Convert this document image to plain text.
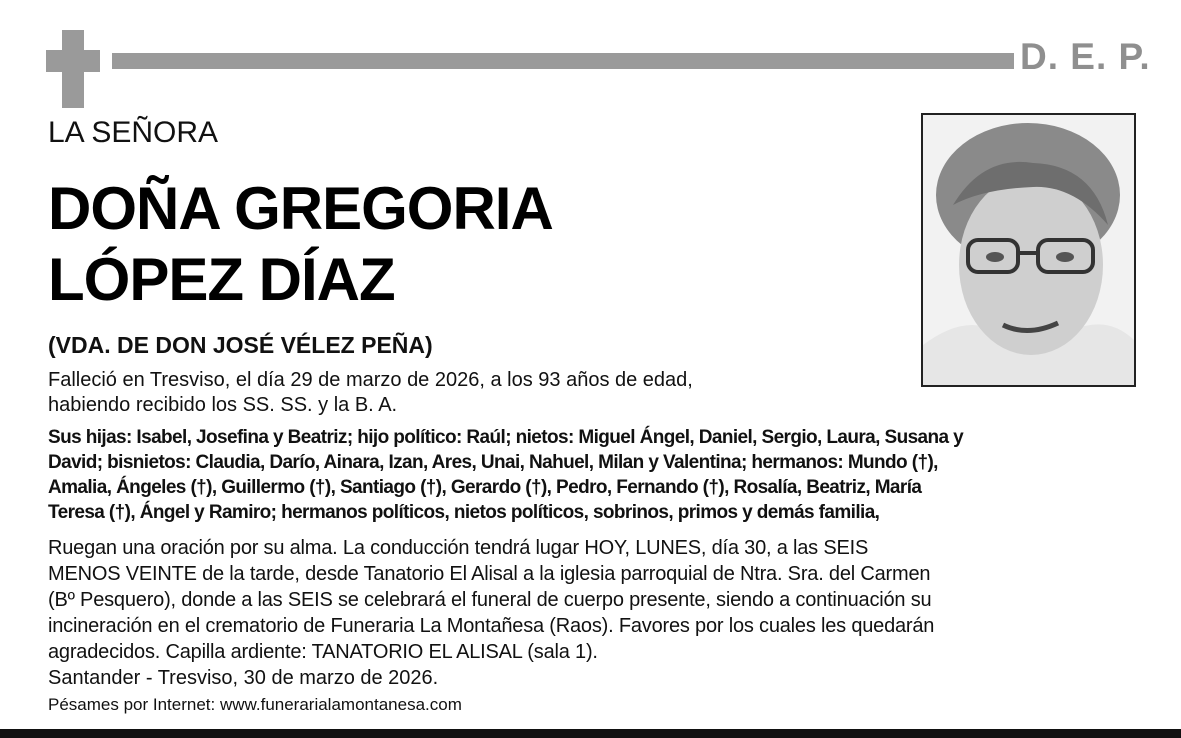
D. E. P.
LA SEÑORA
DOÑA GREGORIA
LÓPEZ DÍAZ
(VDA. DE DON JOSÉ VÉLEZ PEÑA)
Falleció en Tresviso, el día 29 de marzo de 2026, a los 93 años de edad,
habiendo recibido los SS. SS. y la B. A.
Sus hijas: Isabel, Josefina y Beatriz; hijo político: Raúl; nietos: Miguel Ángel, Daniel, Sergio, Laura, Susana y
David; bisnietos: Claudia, Darío, Ainara, Izan, Ares, Unai, Nahuel, Milan y Valentina; hermanos: Mundo (†),
Amalia, Ángeles (†), Guillermo (†), Santiago (†), Gerardo (†), Pedro, Fernando (†), Rosalía, Beatriz, María
Teresa (†), Ángel y Ramiro; hermanos políticos, nietos políticos, sobrinos, primos y demás familia,
Ruegan una oración por su alma. La conducción tendrá lugar HOY, LUNES, día 30, a las SEIS
MENOS VEINTE de la tarde, desde Tanatorio El Alisal a la iglesia parroquial de Ntra. Sra. del Carmen
(Bº Pesquero), donde a las SEIS se celebrará el funeral de cuerpo presente, siendo a continuación su
incineración en el crematorio de Funeraria La Montañesa (Raos). Favores por los cuales les quedarán
agradecidos. Capilla ardiente: TANATORIO EL ALISAL (sala 1).
Santander - Tresviso, 30 de marzo de 2026.
Pésames por Internet: www.funerarialamontanesa.com
